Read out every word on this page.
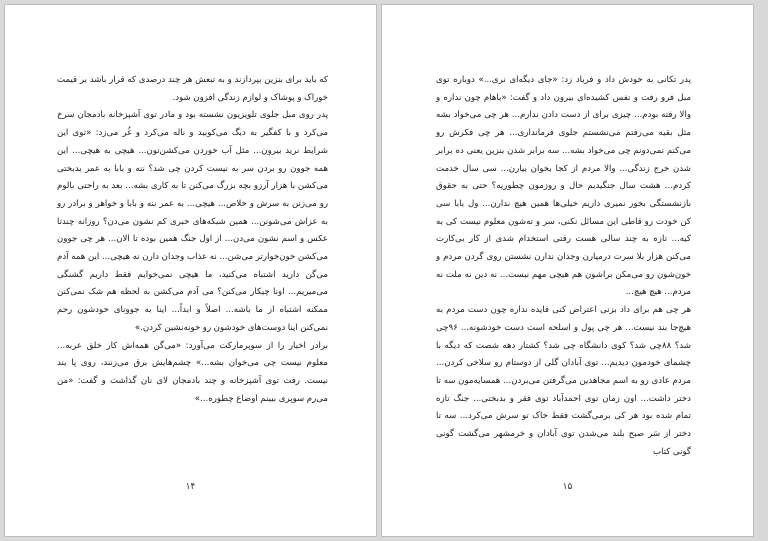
که باید برای بنزین بپردازند و به تبعش هر چند درصدی که قرار باشد بر قیمت خوراک و پوشاک و لوازم زندگی افزون شود.

پدر روی مبل جلوی تلویزیون نشسته بود و مادر توی آشپزخانه بادمجان سرخ می‌کرد و با کفگیر به دیگ می‌کوبید و ناله می‌کرد و غُر می‌زد: «توی این شرایط نرید بیرون... مثل آب خوردن می‌کشن‌تون... هیچی به هیچی... این همه جوون رو بردن سر به نیست کردن چی شد؟ ننه و بابا به عمر بدبختی می‌کشن با هزار آرزو بچه بزرگ می‌کنن تا به کاری بشه... بعد به راحتی بالوم رو می‌زنن به سرش و خلاص... هیچی... به عمر ننه و بابا و خواهر و برادر رو به عزاش می‌شونن... همین شبکه‌های خبری کم نشون می‌دن؟ روزانه چندتا عکس و اسم نشون می‌دن... از اول جنگ همین بوده تا الان... هر چی جوون می‌کشن خون‌خوارتر می‌شن... نه عذاب وجدان دارن نه هیچی... این همه آدم می‌گن دارید اشتباه می‌کنید، ما هیچی نمی‌خوایم فقط داریم گشنگی می‌میریم... اونا چیکار می‌کنن؟ می آدم می‌کشن به لحظه هم شک نمی‌کنن ممکنه اشتباه از ما باشه... اصلاً و ابداً... اینا به جوونای خودشون رحم نمی‌کنن اینا دوست‌های خودشون رو خونه‌نشین کردن.»

برادر اخبار را از سوپرمارکت می‌آورد: «می‌گن همه‌اش کار خلق عربه... معلوم نیست چی می‌خوان بشه...» چشم‌هایش برق می‌زنند، روی پا بند نیست. رفت توی آشپزخانه و چند بادمجان لای نان گذاشت و گفت: «من می‌رم سوپری ببینم اوضاع چطوره...»

۱۴

پدر تکانی به خودش داد و فریاد زد: «جای دیگه‌ای نری...» دوباره توی مبل فرو رفت و نفس کشیده‌ای بیرون داد و گفت: «باهام چون نداره و والا رفته بودم... چیزی برای از دست دادن ندارم... هر چی می‌خواد بشه مثل بقیه می‌رفتم می‌نشستم جلوی فرمانداری... هر چی فکرش رو می‌کنم نمی‌دونم چی می‌خواد بشه... سه برابر شدن بنزین یعنی ده برابر شدن خرج زندگی... والا مردم از کجا بخوان بیارن... سی سال خدمت کردم... هشت سال جنگیدیم حال و روزمون چطوریه؟ حتی به حقوق بازنشستگی بخور نمیری داریم خیلی‌ها همین هیچ ندارن... ول بابا سی کن خودت رو قاطی این مسائل نکنی، سر و ته‌شون معلوم نیست کی به کیه... تازه به چند سالی هست رفتی استخدام شدی از کار بی‌کارت می‌کنن هزار بلا سرت درمیارن وجدان ندارن نشستن روی گردن مردم و خون‌شون رو می‌مکن براشون هم هیچی مهم نیست... نه دین نه ملت نه مردم... هیچ هیچ...

هر چی هم برای داد بزنی اعتراض کنی فایده نداره چون دست مردم به هیچ‌جا بند نیست... هر چی پول و اسلحه است دست خودشونه... ۹۶چی شد؟ ۸۸چی شد؟ کوی دانشگاه چی شد؟ کشتار دهه شصت که دیگه با چشمای خودمون دیدیم... توی آبادان گلی از دوستام رو سلاخی کردن... مردم عادی رو به اسم مجاهدین می‌گرفتن می‌بردن... همسایه‌مون سه تا دختر داشت... اون زمان توی احمدآباد توی فقر و بدبختی... جنگ تازه تمام شده بود هر کی برمی‌گشت فقط خاک تو سرش می‌کرد... سه تا دختر از سَر صبح بلند می‌شدن توی آبادان و خرمشهر می‌گشت گونی گونی کتاب

۱۵
